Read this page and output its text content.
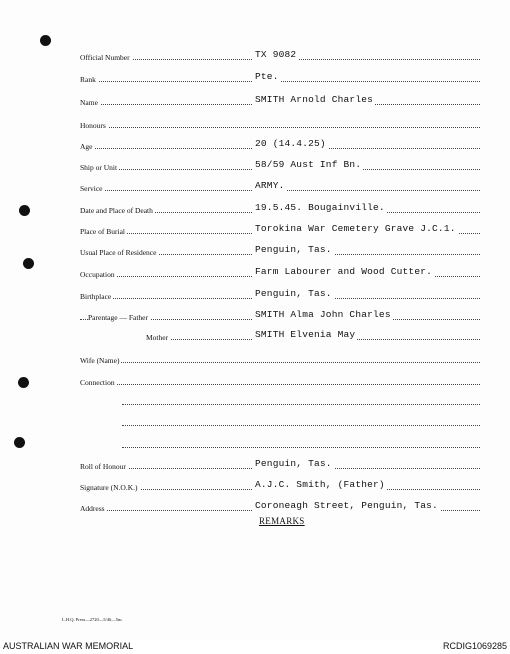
Official Number	TX 9082
Rank	Pte.
Name	SMITH Arnold Charles
Honours
Age	20 (14.4.25)
Ship or Unit	58/59 Aust Inf Bn.
Service	ARMY.
Date and Place of Death	19.5.45. Bougainville.
Place of Burial	Torokina War Cemetery Grave J.C.1.
Usual Place of Residence	Penguin, Tas.
Occupation	Farm Labourer and Wood Cutter.
Birthplace	Penguin, Tas.
Parentage — Father	SMITH Alma John Charles
Mother	SMITH Elvenia May
Wife (Name)
Connection
Roll of Honour	Penguin, Tas.
Signature (N.O.K.)	A.J.C. Smith, (Father)
Address	Coroneagh Street, Penguin, Tas.
REMARKS
L.H.Q. Press—2720—5/46—5m.
AUSTRALIAN WAR MEMORIAL	RCDIG1069285
